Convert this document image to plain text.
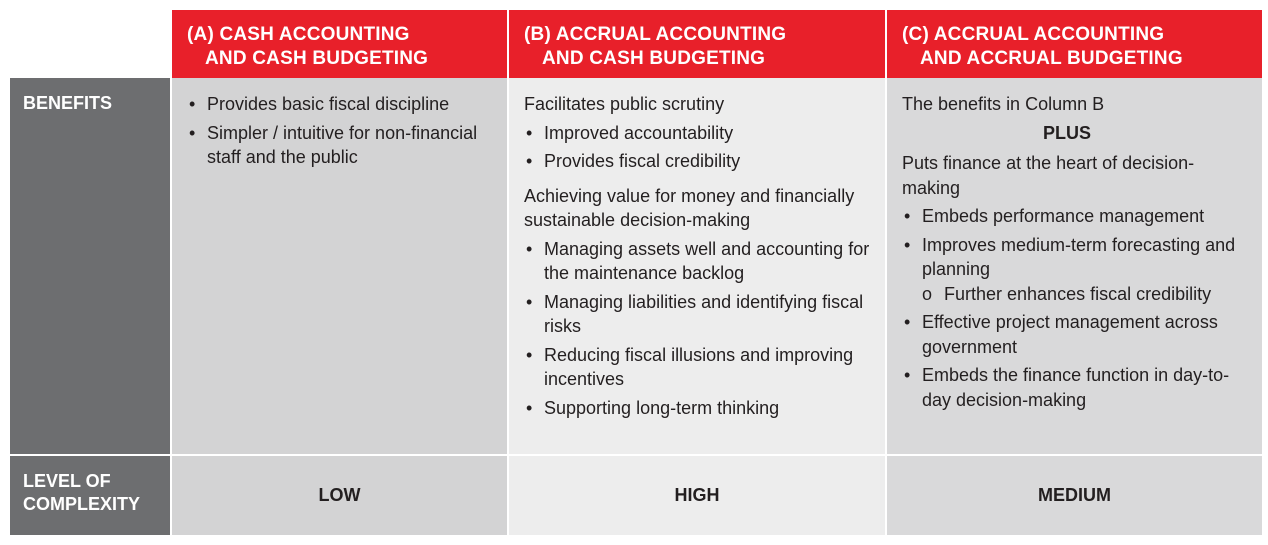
(A) CASH ACCOUNTING
AND CASH BUDGETING
(B) ACCRUAL ACCOUNTING
AND CASH BUDGETING
(C) ACCRUAL ACCOUNTING
AND ACCRUAL BUDGETING
BENEFITS
•	Provides basic fiscal discipline
• Simpler / intuitive for non-financial staff and the public
Facilitates public scrutiny
• Improved accountability
• Provides fiscal credibility
Achieving value for money and financially sustainable decision-making
• Managing assets well and accounting for the maintenance backlog
• Managing liabilities and identifying fiscal risks
• Reducing fiscal illusions and improving incentives
• Supporting long-term thinking
The benefits in Column B
PLUS
Puts finance at the heart of decision-making
• Embeds performance management
• Improves medium-term forecasting and planning
o Further enhances fiscal credibility
• Effective project management across government
• Embeds the finance function in day-to-day decision-making
LEVEL OF
COMPLEXITY	LOW	HIGH	MEDIUM
